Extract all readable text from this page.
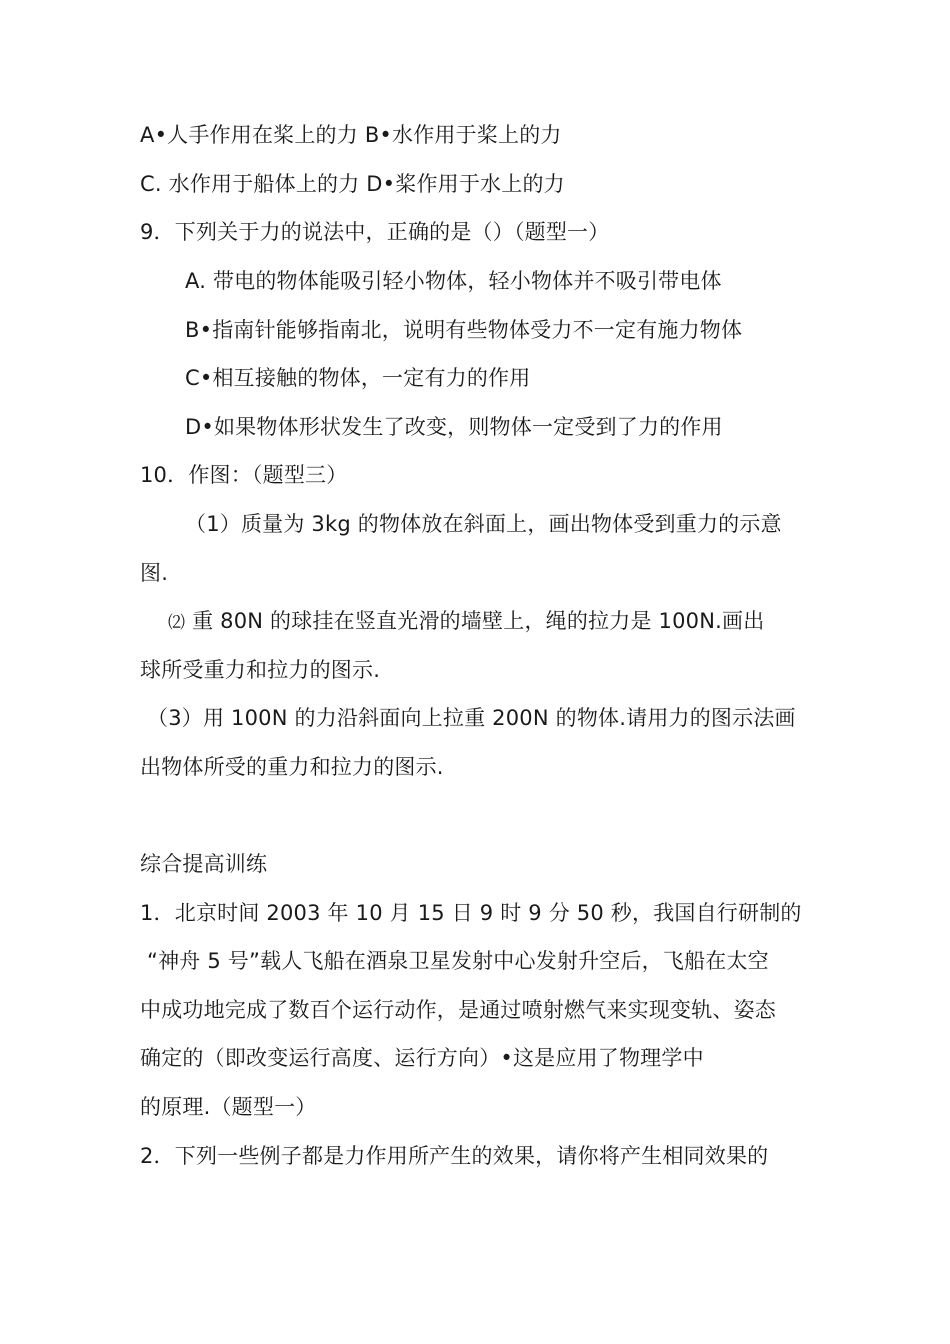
A•人手作用在桨上的力 B•水作用于桨上的力
C. 水作用于船体上的力 D•桨作用于水上的力
9．下列关于力的说法中，正确的是（）（题型一）
A. 带电的物体能吸引轻小物体，轻小物体并不吸引带电体
B•指南针能够指南北，说明有些物体受力不一定有施力物体
C•相互接触的物体，一定有力的作用
D•如果物体形状发生了改变，则物体一定受到了力的作用
10．作图：（题型三）
（1）质量为 3kg 的物体放在斜面上，画出物体受到重力的示意
图.
⑵ 重 80N 的球挂在竖直光滑的墙壁上，绳的拉力是 100N.画出
球所受重力和拉力的图示.
（3）用 100N 的力沿斜面向上拉重 200N 的物体.请用力的图示法画
出物体所受的重力和拉力的图示.
综合提高训练
1．北京时间 2003 年 10 月 15 日 9 时 9 分 50 秒，我国自行研制的
“神舟 5 号”载人飞船在酒泉卫星发射中心发射升空后，飞船在太空
中成功地完成了数百个运行动作，是通过喷射燃气来实现变轨、姿态
确定的（即改变运行高度、运行方向）•这是应用了物理学中
的原理.（题型一）
2．下列一些例子都是力作用所产生的效果，请你将产生相同效果的
